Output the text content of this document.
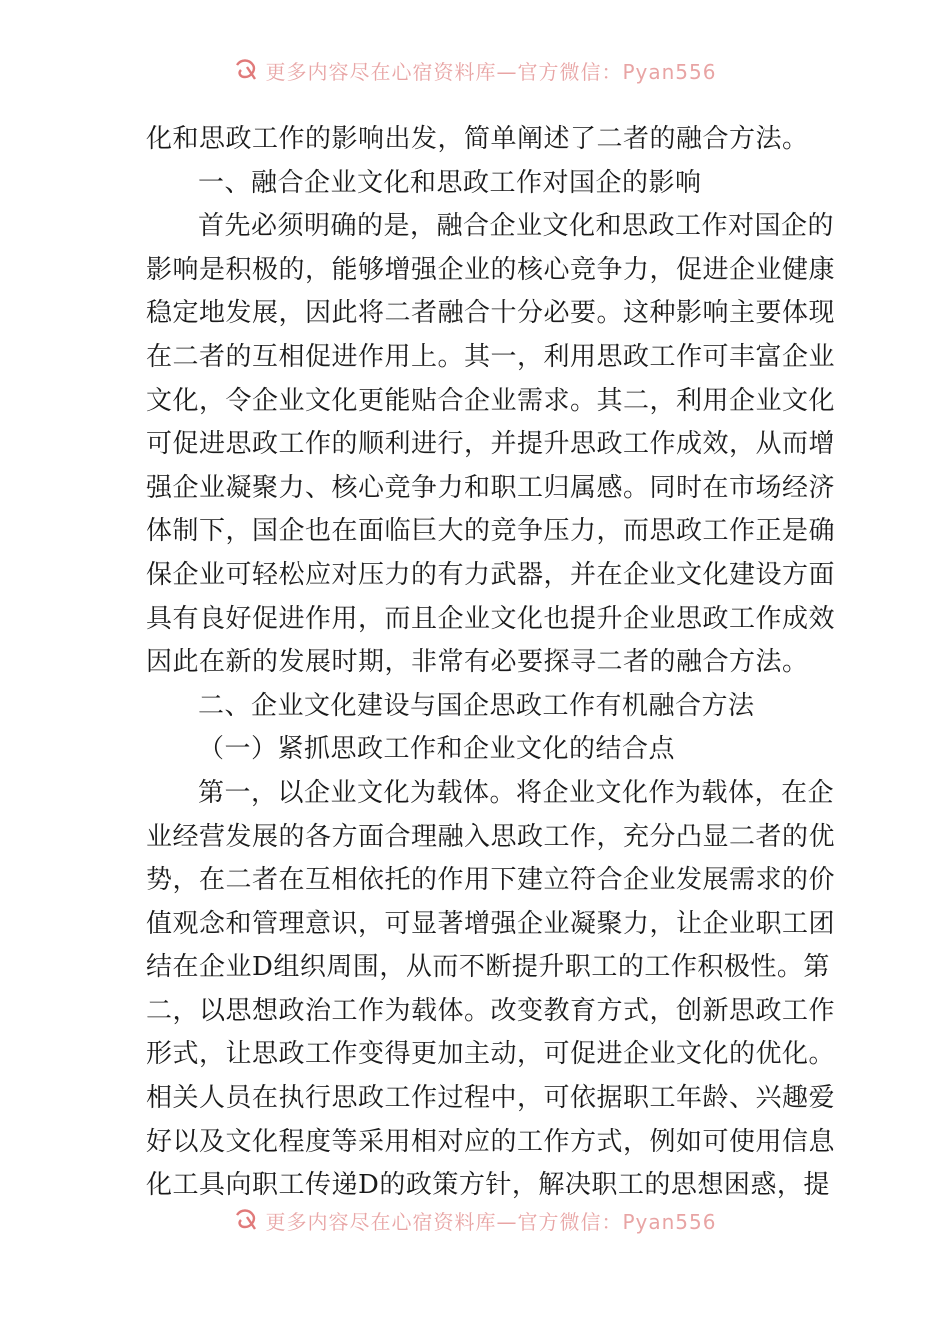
更多内容尽在心宿资料库—官方微信：Pyan556
化和思政工作的影响出发，简单阐述了二者的融合方法。
一、融合企业文化和思政工作对国企的影响
首先必须明确的是，融合企业文化和思政工作对国企的
影响是积极的，能够增强企业的核心竞争力，促进企业健康
稳定地发展，因此将二者融合十分必要。这种影响主要体现
在二者的互相促进作用上。其一，利用思政工作可丰富企业
文化，令企业文化更能贴合企业需求。其二，利用企业文化
可促进思政工作的顺利进行，并提升思政工作成效，从而增
强企业凝聚力、核心竞争力和职工归属感。同时在市场经济
体制下，国企也在面临巨大的竞争压力，而思政工作正是确
保企业可轻松应对压力的有力武器，并在企业文化建设方面
具有良好促进作用，而且企业文化也提升企业思政工作成效
因此在新的发展时期，非常有必要探寻二者的融合方法。
二、企业文化建设与国企思政工作有机融合方法
（一）紧抓思政工作和企业文化的结合点
第一，以企业文化为载体。将企业文化作为载体，在企
业经营发展的各方面合理融入思政工作，充分凸显二者的优
势，在二者在互相依托的作用下建立符合企业发展需求的价
值观念和管理意识，可显著增强企业凝聚力，让企业职工团
结在企业D组织周围，从而不断提升职工的工作积极性。第
二，以思想政治工作为载体。改变教育方式，创新思政工作
形式，让思政工作变得更加主动，可促进企业文化的优化。
相关人员在执行思政工作过程中，可依据职工年龄、兴趣爱
好以及文化程度等采用相对应的工作方式，例如可使用信息
化工具向职工传递D的政策方针，解决职工的思想困惑，提
更多内容尽在心宿资料库—官方微信：Pyan556
